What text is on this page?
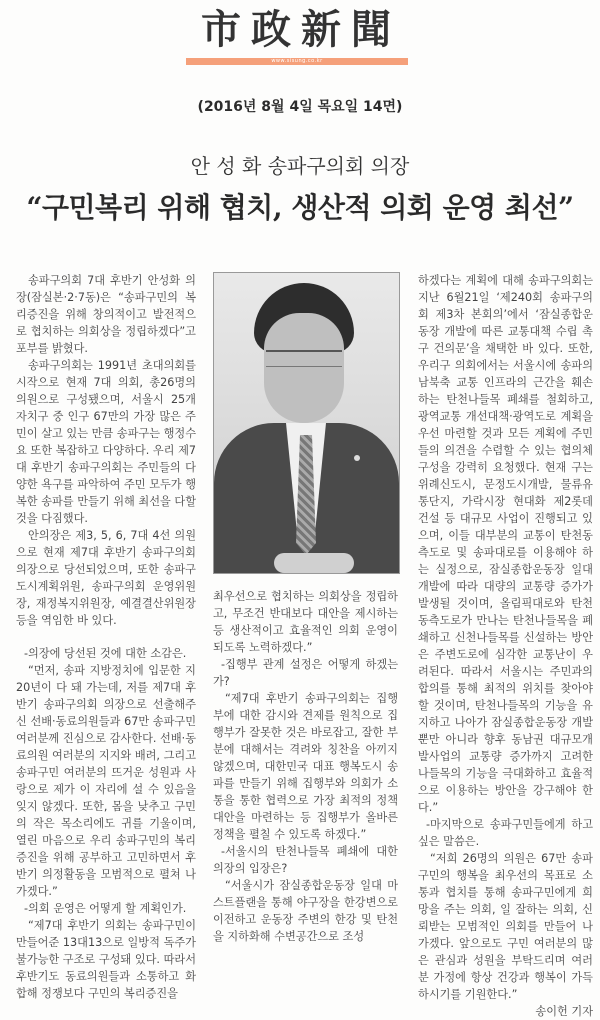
市政新聞
www.sisung.co.kr
(2016년 8월 4일 목요일 14면)
안 성 화 송파구의회 의장
“구민복리 위해 협치, 생산적 의회 운영 최선”

송파구의회 7대 후반기 안성화 의장(잠실본·2·7동)은 “송파구민의 복리증진을 위해 창의적이고 발전적으로 협치하는 의회상을 정립하겠다”고 포부를 밝혔다.

송파구의회는 1991년 초대의회를 시작으로 현재 7대 의회, 총26명의 의원으로 구성됐으며, 서울시 25개 자치구 중 인구 67만의 가장 많은 주민이 살고 있는 만큼 송파구는 행정수요 또한 복잡하고 다양하다. 우리 제7대 후반기 송파구의회는 주민들의 다양한 욕구를 파악하여 주민 모두가 행복한 송파를 만들기 위해 최선을 다할 것을 다짐했다.

안의장은 제3, 5, 6, 7대 4선 의원으로 현재 제7대 후반기 송파구의회 의장으로 당선되었으며, 또한 송파구 도시계획위원, 송파구의회 운영위원장, 재정복지위원장, 예결결산위원장 등을 역임한 바 있다.

-의장에 당선된 것에 대한 소감은.

“먼저, 송파 지방정치에 입문한 지 20년이 다 돼 가는데, 저를 제7대 후반기 송파구의회 의장으로 선출해주신 선배·동료의원들과 67만 송파구민 여러분께 진심으로 감사한다. 선배·동료의원 여러분의 지지와 배려, 그리고 송파구민 여러분의 뜨거운 성원과 사랑으로 제가 이 자리에 설 수 있음을 잊지 않겠다. 또한, 몸을 낮추고 구민의 작은 목소리에도 귀를 기울이며, 열린 마음으로 우리 송파구민의 복리증진을 위해 공부하고 고민하면서 후반기 의정활동을 모범적으로 펼쳐 나가겠다.”

-의회 운영은 어떻게 할 계획인가.

“제7대 후반기 의회는 송파구민이 만들어준 13대13으로 일방적 독주가 불가능한 구조로 구성돼 있다. 따라서 후반기도 동료의원들과 소통하고 화합해 정쟁보다 구민의 복리증진을

최우선으로 협치하는 의회상을 정립하고, 무조건 반대보다 대안을 제시하는 등 생산적이고 효율적인 의회 운영이 되도록 노력하겠다.”

-집행부 관계 설정은 어떻게 하겠는가?

“제7대 후반기 송파구의회는 집행부에 대한 감시와 견제를 원칙으로 집행부가 잘못한 것은 바로잡고, 잘한 부분에 대해서는 격려와 칭찬을 아끼지 않겠으며, 대한민국 대표 행복도시 송파를 만들기 위해 집행부와 의회가 소통을 통한 협력으로 가장 최적의 정책대안을 마련하는 등 집행부가 올바른 정책을 펼칠 수 있도록 하겠다.”

-서울시의 탄천나들목 폐쇄에 대한 의장의 입장은?

“서울시가 잠실종합운동장 일대 마스트플랜을 통해 야구장을 한강변으로 이전하고 운동장 주변의 한강 및 탄천을 지하화해 수변공간으로 조성

하겠다는 계획에 대해 송파구의회는 지난 6월21일 ‘제240회 송파구의회 제3차 본회의’에서 ‘잠실종합운동장 개발에 따른 교통대책 수립 촉구 건의문’을 채택한 바 있다. 또한, 우리구 의회에서는 서울시에 송파의 남북축 교통 인프라의 근간을 훼손하는 탄천나들목 폐쇄를 철회하고, 광역교통 개선대책·광역도로 계획을 우선 마련할 것과 모든 계획에 주민들의 의견을 수렴할 수 있는 협의체 구성을 강력히 요청했다. 현재 구는 위례신도시, 문정도시개발, 물류유통단지, 가락시장 현대화 제2롯데 건설 등 대규모 사업이 진행되고 있으며, 이들 대부분의 교통이 탄천동측도로 및 송파대로를 이용해야 하는 실정으로, 잠실종합운동장 일대 개발에 따라 대량의 교통량 증가가 발생될 것이며, 올림픽대로와 탄천동측도로가 만나는 탄천나들목을 폐쇄하고 신천나들목를 신설하는 방안은 주변도로에 심각한 교통난이 우려된다. 따라서 서울시는 주민과의 합의를 통해 최적의 위치를 찾아야 할 것이며, 탄천나들목의 기능을 유지하고 나아가 잠실종합운동장 개발뿐만 아니라 향후 동남권 대규모개발사업의 교통량 증가까지 고려한 나들목의 기능을 극대화하고 효율적으로 이용하는 방안을 강구해야 한다.”

-마지막으로 송파구민들에게 하고 싶은 말씀은.

“저희 26명의 의원은 67만 송파구민의 행복을 최우선의 목표로 소통과 협치를 통해 송파구민에게 희망을 주는 의회, 일 잘하는 의회, 신뢰받는 모범적인 의회를 만들어 나가겠다. 앞으로도 구민 여러분의 많은 관심과 성원을 부탁드리며 여러분 가정에 항상 건강과 행복이 가득하시기를 기원한다.”

송이헌 기자
